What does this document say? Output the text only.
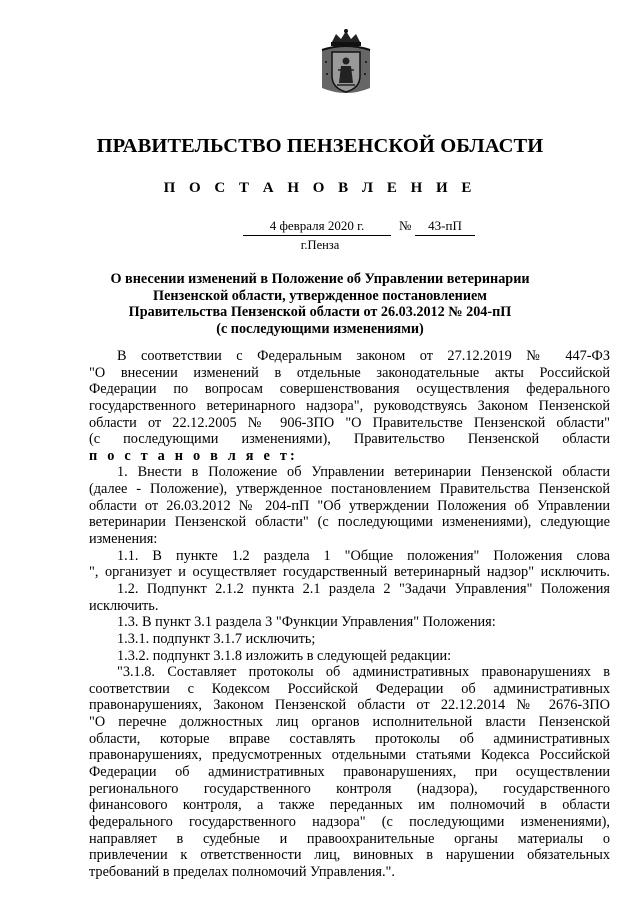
ПРАВИТЕЛЬСТВО ПЕНЗЕНСКОЙ ОБЛАСТИ
П О С Т А Н О В Л Е Н И Е
4 февраля 2020 г.	№	43-пП
г.Пенза
О внесении изменений в Положение об Управлении ветеринарии
Пензенской области, утвержденное постановлением
Правительства Пензенской области от 26.03.2012 № 204-пП
(с последующими изменениями)
В соответствии с Федеральным законом от 27.12.2019 № 447-ФЗ
"О внесении изменений в отдельные законодательные акты Российской
Федерации по вопросам совершенствования осуществления федерального
государственного ветеринарного надзора", руководствуясь Законом Пензенской
области от 22.12.2005 № 906-ЗПО "О Правительстве Пензенской области"
(с последующими изменениями), Правительство Пензенской области
п о с т а н о в л я е т:
1. Внести в Положение об Управлении ветеринарии Пензенской области
(далее - Положение), утвержденное постановлением Правительства Пензенской
области от 26.03.2012 № 204-пП "Об утверждении Положения об Управлении
ветеринарии Пензенской области" (с последующими изменениями), следующие
изменения:
1.1. В пункте 1.2 раздела 1 "Общие положения" Положения слова
", организует и осуществляет государственный ветеринарный надзор" исключить.
1.2. Подпункт 2.1.2 пункта 2.1 раздела 2 "Задачи Управления" Положения
исключить.
1.3. В пункт 3.1 раздела 3 "Функции Управления" Положения:
1.3.1. подпункт 3.1.7 исключить;
1.3.2. подпункт 3.1.8 изложить в следующей редакции:
"3.1.8. Составляет протоколы об административных правонарушениях в
соответствии с Кодексом Российской Федерации об административных
правонарушениях, Законом Пензенской области от 22.12.2014 № 2676-ЗПО
"О перечне должностных лиц органов исполнительной власти Пензенской
области, которые вправе составлять протоколы об административных
правонарушениях, предусмотренных отдельными статьями Кодекса Российской
Федерации об административных правонарушениях, при осуществлении
регионального государственного контроля (надзора), государственного
финансового контроля, а также переданных им полномочий в области
федерального государственного надзора" (с последующими изменениями),
направляет в судебные и правоохранительные органы материалы о
привлечении к ответственности лиц, виновных в нарушении обязательных
требований в пределах полномочий Управления.".
